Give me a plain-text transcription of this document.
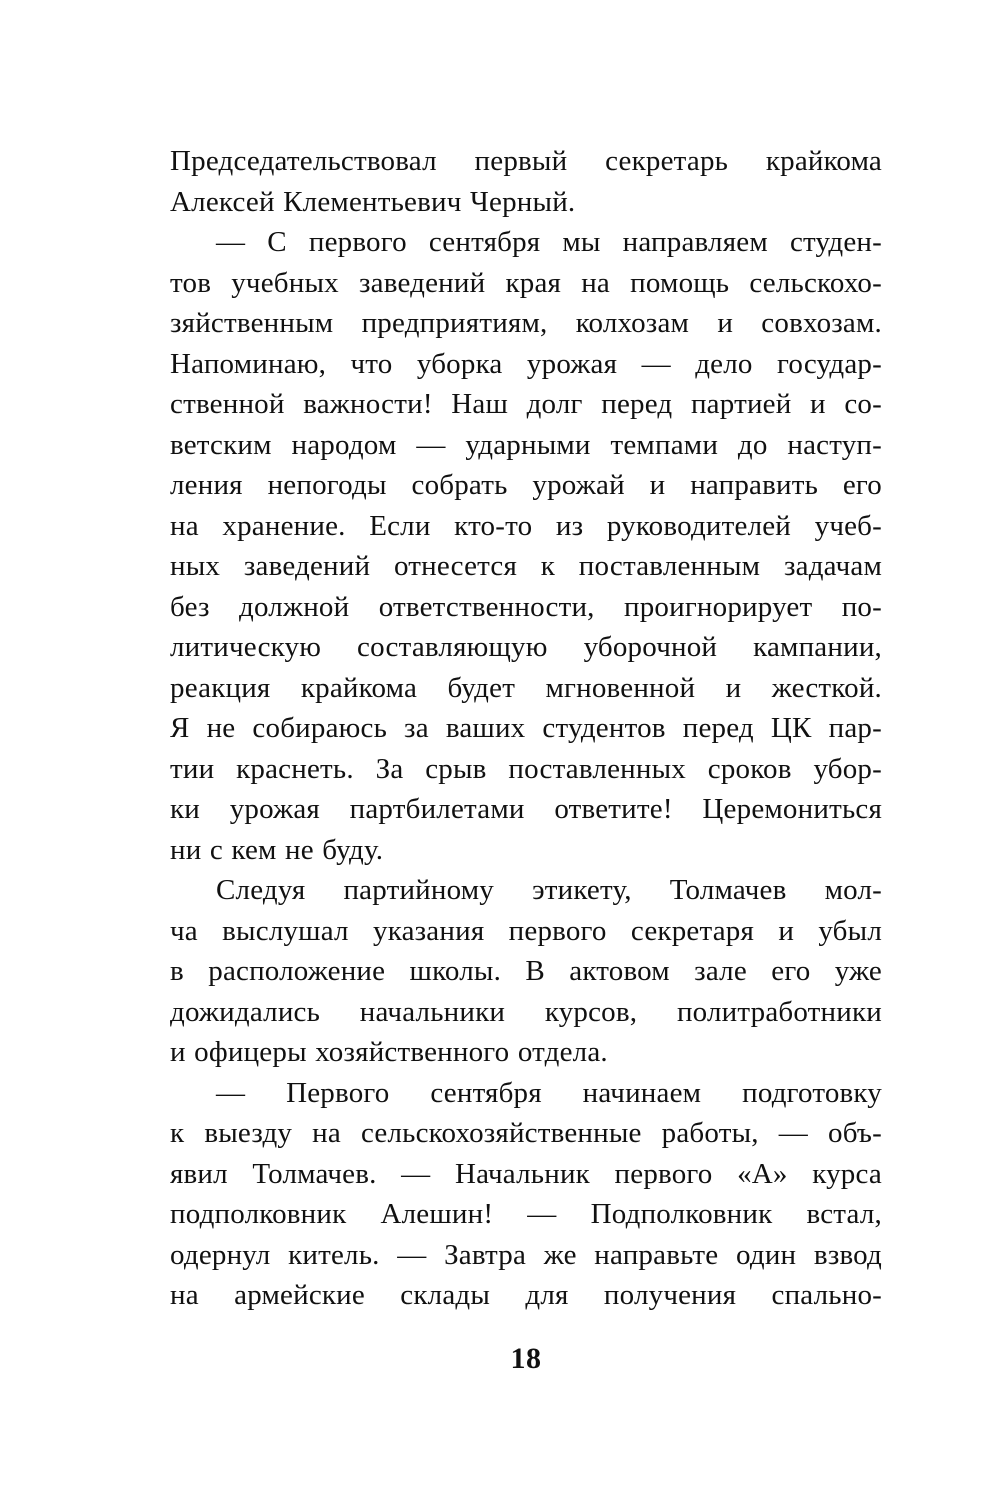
Председательствовал первый секретарь крайкома
Алексей Клементьевич Черный.
— С первого сентября мы направляем студен-
тов учебных заведений края на помощь сельскохо-
зяйственным предприятиям, колхозам и совхозам.
Напоминаю, что уборка урожая — дело государ-
ственной важности! Наш долг перед партией и со-
ветским народом — ударными темпами до наступ-
ления непогоды собрать урожай и направить его
на хранение. Если кто-то из руководителей учеб-
ных заведений отнесется к поставленным задачам
без должной ответственности, проигнорирует по-
литическую составляющую уборочной кампании,
реакция крайкома будет мгновенной и жесткой.
Я не собираюсь за ваших студентов перед ЦК пар-
тии краснеть. За срыв поставленных сроков убор-
ки урожая партбилетами ответите! Церемониться
ни с кем не буду.
Следуя партийному этикету, Толмачев мол-
ча выслушал указания первого секретаря и убыл
в расположение школы. В актовом зале его уже
дожидались начальники курсов, политработники
и офицеры хозяйственного отдела.
— Первого сентября начинаем подготовку
к выезду на сельскохозяйственные работы, — объ-
явил Толмачев. — Начальник первого «А» курса
подполковник Алешин! — Подполковник встал,
одернул китель. — Завтра же направьте один взвод
на армейские склады для получения спально-
18
